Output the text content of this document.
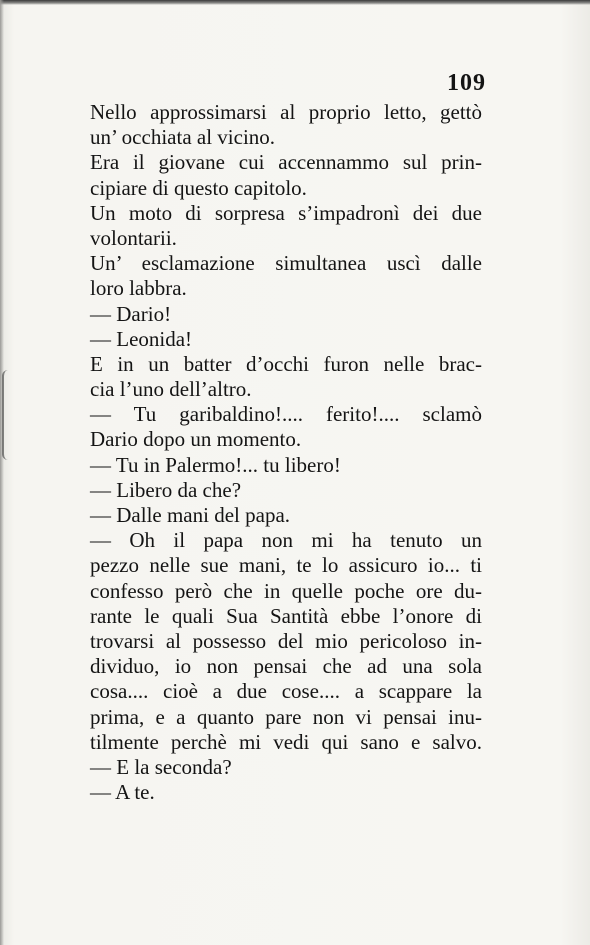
109
Nello approssimarsi al proprio letto, gettò
un’ occhiata al vicino.
Era il giovane cui accennammo sul prin-
cipiare di questo capitolo.
Un moto di sorpresa s’impadronì dei due
volontarii.
Un’ esclamazione simultanea uscì dalle
loro labbra.
— Dario!
— Leonida!
E in un batter d’occhi furon nelle brac-
cia l’uno dell’altro.
— Tu garibaldino!.... ferito!.... sclamò
Dario dopo un momento.
— Tu in Palermo!... tu libero!
— Libero da che?
— Dalle mani del papa.
— Oh il papa non mi ha tenuto un
pezzo nelle sue mani, te lo assicuro io... ti
confesso però che in quelle poche ore du-
rante le quali Sua Santità ebbe l’onore di
trovarsi al possesso del mio pericoloso in-
dividuo, io non pensai che ad una sola
cosa.... cioè a due cose.... a scappare la
prima, e a quanto pare non vi pensai inu-
tilmente perchè mi vedi qui sano e salvo.
— E la seconda?
— A te.
